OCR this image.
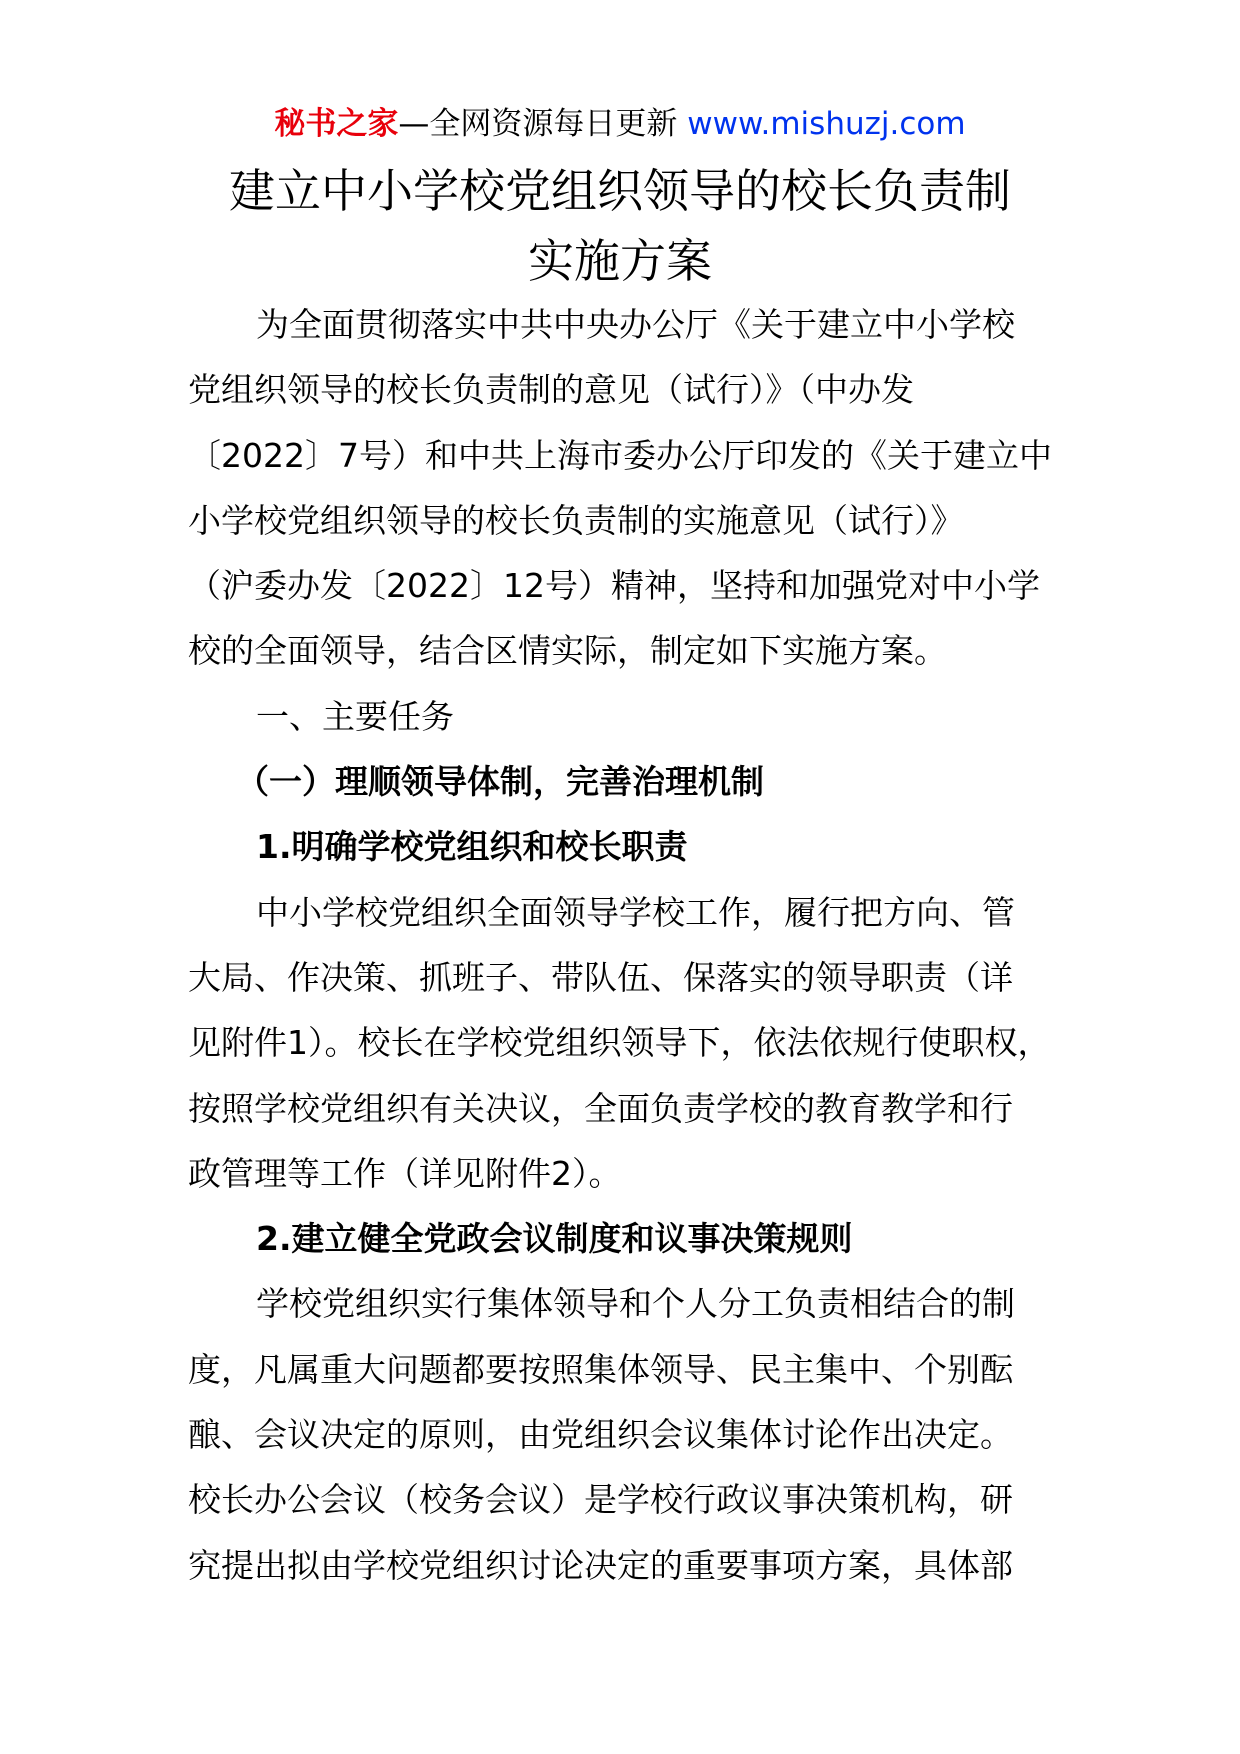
秘书之家—全网资源每日更新 www.mishuzj.com
建立中小学校党组织领导的校长负责制
实施方案
为全面贯彻落实中共中央办公厅《关于建立中小学校
党组织领导的校长负责制的意见（试行）》（中办发
〔2022〕7号）和中共上海市委办公厅印发的《关于建立中
小学校党组织领导的校长负责制的实施意见（试行）》
（沪委办发〔2022〕12号）精神，坚持和加强党对中小学
校的全面领导，结合区情实际，制定如下实施方案。
一、主要任务
（一）理顺领导体制，完善治理机制
1.明确学校党组织和校长职责
中小学校党组织全面领导学校工作，履行把方向、管
大局、作决策、抓班子、带队伍、保落实的领导职责（详
见附件1）。校长在学校党组织领导下，依法依规行使职权，
按照学校党组织有关决议，全面负责学校的教育教学和行
政管理等工作（详见附件2）。
2.建立健全党政会议制度和议事决策规则
学校党组织实行集体领导和个人分工负责相结合的制
度，凡属重大问题都要按照集体领导、民主集中、个别酝
酿、会议决定的原则，由党组织会议集体讨论作出决定。
校长办公会议（校务会议）是学校行政议事决策机构，研
究提出拟由学校党组织讨论决定的重要事项方案，具体部
